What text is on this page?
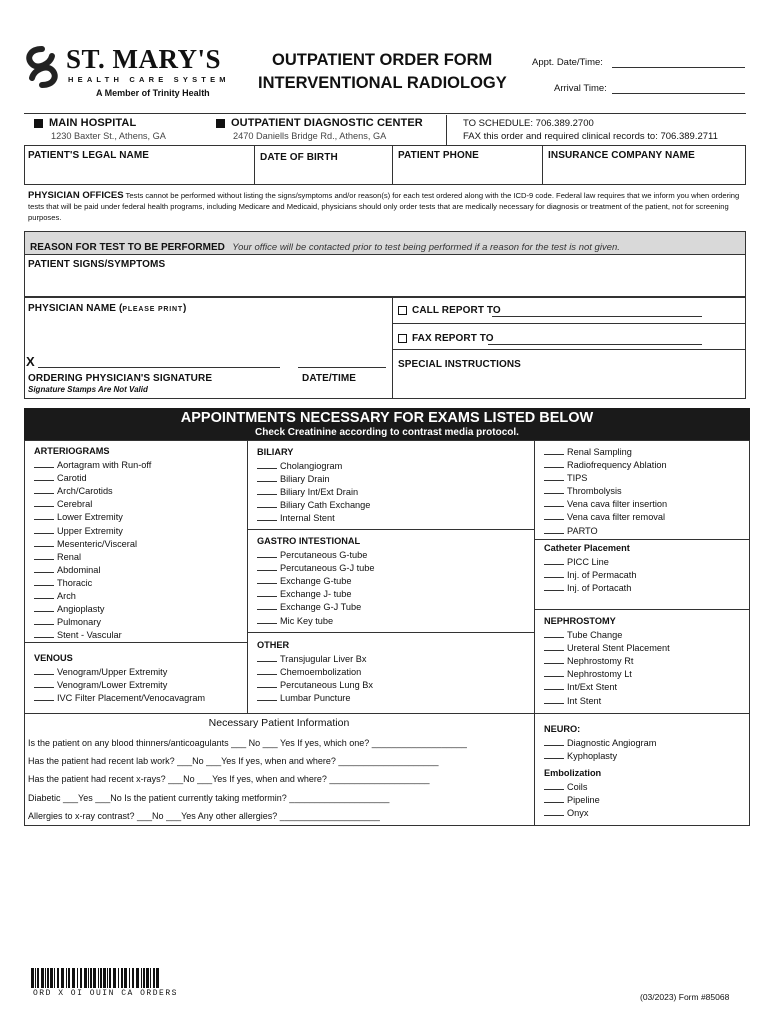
ST. MARY'S
HEALTH CARE SYSTEM
A Member of Trinity Health
OUTPATIENT ORDER FORM
INTERVENTIONAL RADIOLOGY
Appt. Date/Time:
Arrival Time:
MAIN HOSPITAL
1230 Baxter St., Athens, GA
OUTPATIENT DIAGNOSTIC CENTER
2470 Daniells Bridge Rd., Athens, GA
TO SCHEDULE: 706.389.2700
FAX this order and required clinical records to: 706.389.2711
PATIENT'S LEGAL NAME	DATE OF BIRTH	PATIENT PHONE	INSURANCE COMPANY NAME
PHYSICIAN OFFICES Tests cannot be performed without listing the signs/symptoms and/or reason(s) for each test ordered along with the ICD-9 code. Federal law requires that we inform you when ordering tests that will be paid under federal health programs, including Medicare and Medicaid, physicians should only order tests that are medically necessary for diagnosis or treatment of the patient, not for screening purposes.
REASON FOR TEST TO BE PERFORMED Your office will be contacted prior to test being performed if a reason for the test is not given.
PATIENT SIGNS/SYMPTOMS
PHYSICIAN NAME (PLEASE PRINT)	CALL REPORT TO
FAX REPORT TO
X
ORDERING PHYSICIAN'S SIGNATURE	DATE/TIME
Signature Stamps Are Not Valid
SPECIAL INSTRUCTIONS
APPOINTMENTS NECESSARY FOR EXAMS LISTED BELOW
Check Creatinine according to contrast media protocol.
ARTERIOGRAMS
Aortagram with Run-off
Carotid
Arch/Carotids
Cerebral
Lower Extremity
Upper Extremity
Mesenteric/Visceral
Renal
Abdominal
Thoracic
Arch
Angioplasty
Pulmonary
Stent - Vascular
VENOUS
Venogram/Upper Extremity
Venogram/Lower Extremity
IVC Filter Placement/Venocavagram
BILIARY
Cholangiogram
Biliary Drain
Biliary Int/Ext Drain
Biliary Cath Exchange
Internal Stent
GASTRO INTESTIONAL
Percutaneous G-tube
Percutaneous G-J tube
Exchange G-tube
Exchange J- tube
Exchange G-J Tube
Mic Key tube
OTHER
Transjugular Liver Bx
Chemoembolization
Percutaneous Lung Bx
Lumbar Puncture
Renal Sampling
Radiofrequency Ablation
TIPS
Thrombolysis
Vena cava filter insertion
Vena cava filter removal
PARTO
Catheter Placement
PICC Line
Inj. of Permacath
Inj. of Portacath
NEPHROSTOMY
Tube Change
Ureteral Stent Placement
Nephrostomy Rt
Nephrostomy Lt
Int/Ext Stent
Int Stent
NEURO:
Diagnostic Angiogram
Kyphoplasty
Embolization
Coils
Pipeline
Onyx
Necessary Patient Information
Is the patient on any blood thinners/anticoagulants ___ No ___ Yes If yes, which one? ___________________
Has the patient had recent lab work? ___No ___Yes If yes, when and where? ____________________
Has the patient had recent x-rays? ___No ___Yes If yes, when and where? ____________________
Diabetic ___Yes ___No Is the patient currently taking metformin? ____________________
Allergies to x-ray contrast? ___No ___Yes Any other allergies? ____________________
ORD X OI OUIN CA ORDERS	(03/2023) Form #85068
